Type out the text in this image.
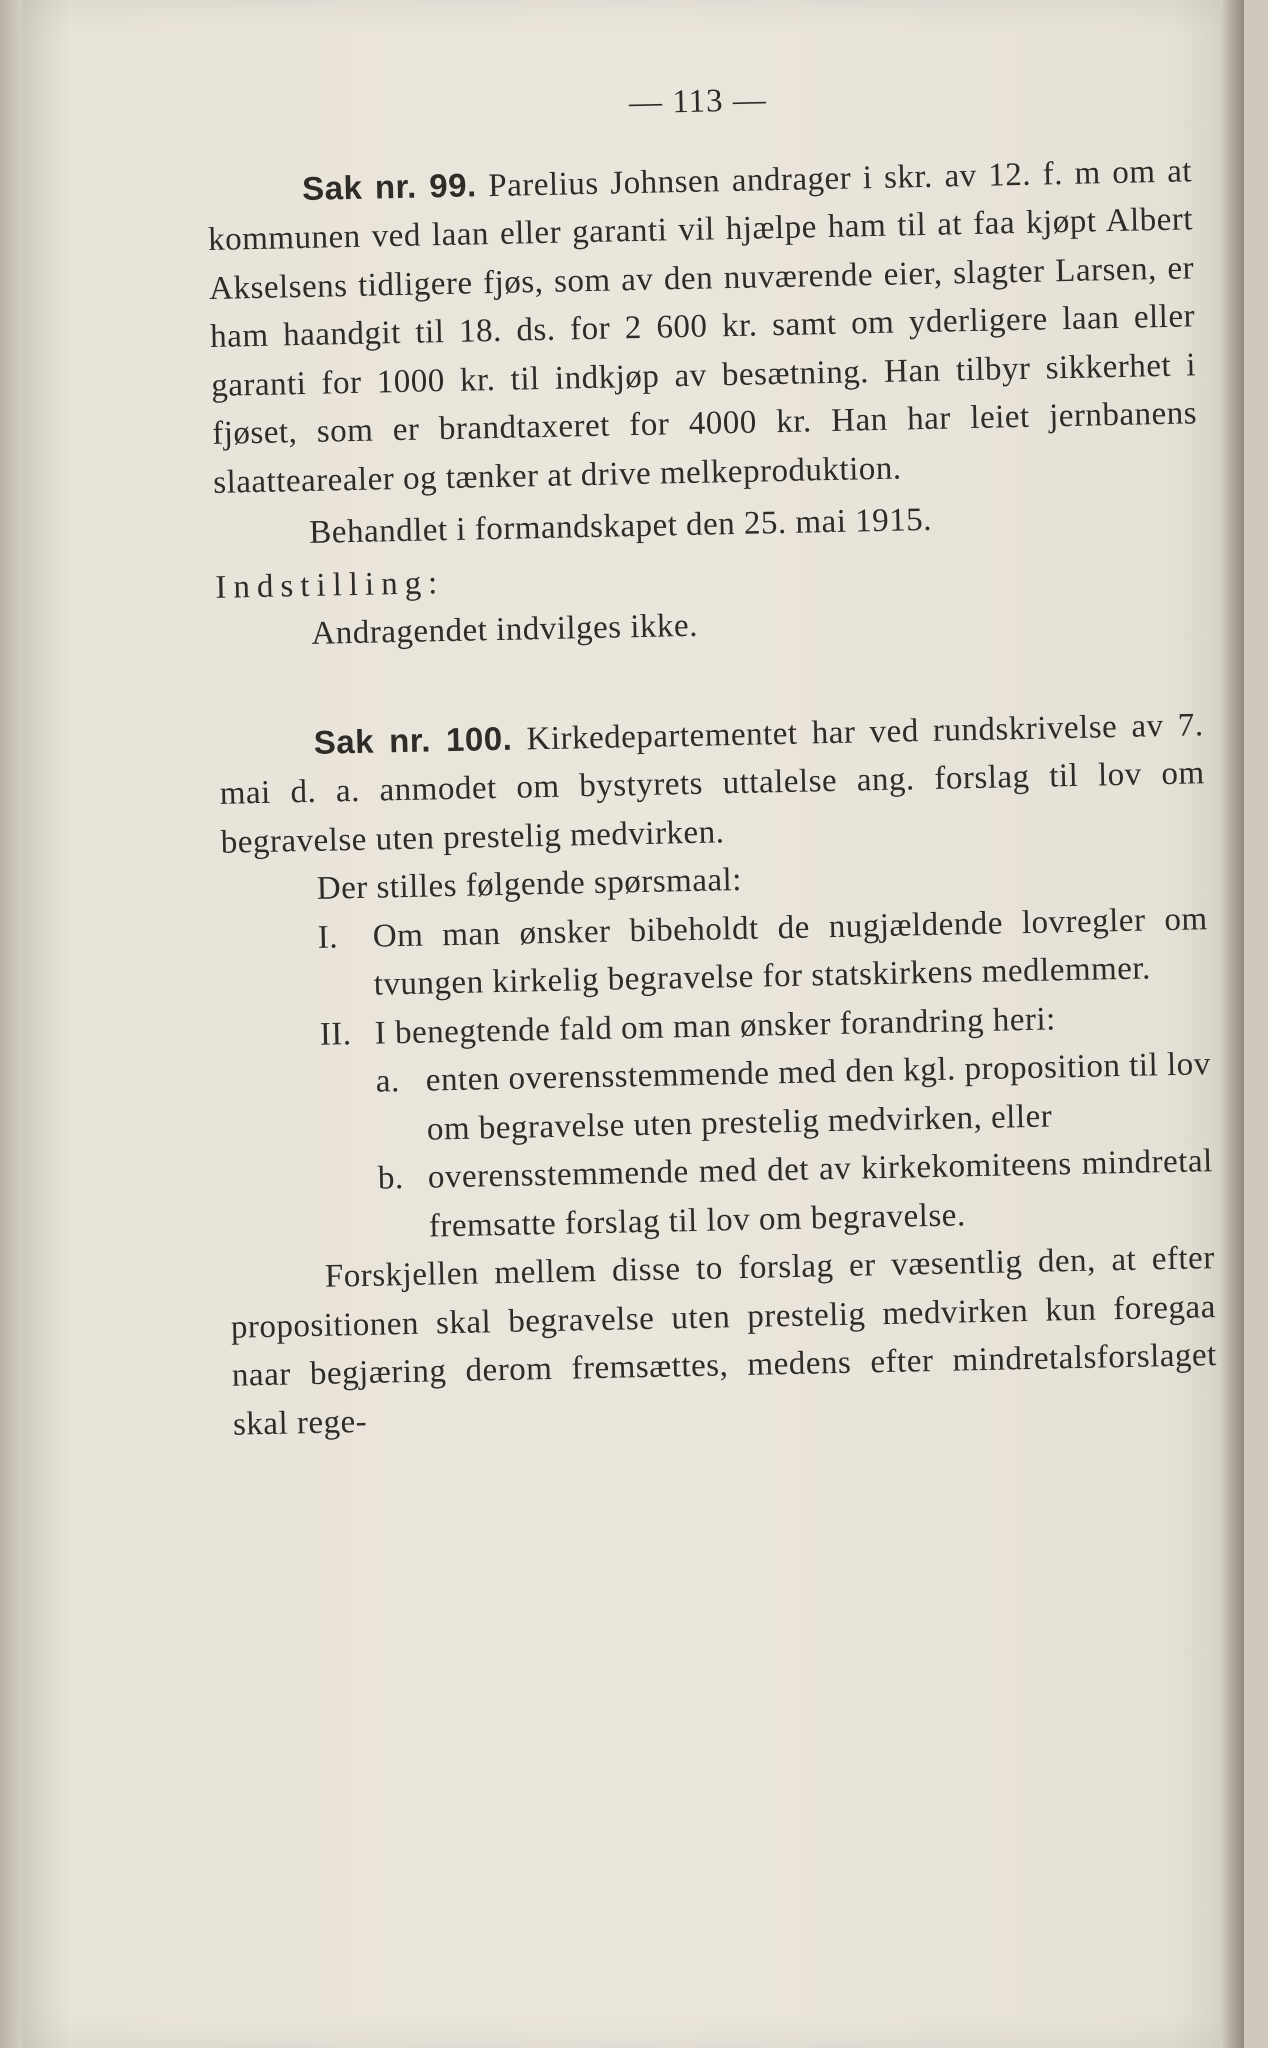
— 113 —

Sak nr. 99. Parelius Johnsen andrager i skr. av 12. f. m om at kommunen ved laan eller garanti vil hjælpe ham til at faa kjøpt Albert Akselsens tidligere fjøs, som av den nuværende eier, slagter Larsen, er ham haandgit til 18. ds. for 2 600 kr. samt om yderligere laan eller garanti for 1000 kr. til indkjøp av besætning. Han tilbyr sikkerhet i fjøset, som er brandtaxeret for 4000 kr. Han har leiet jernbanens slaattearealer og tænker at drive melkeproduktion.

Behandlet i formandskapet den 25. mai 1915.

Indstilling:

Andragendet indvilges ikke.

Sak nr. 100. Kirkedepartementet har ved rundskrivelse av 7. mai d. a. anmodet om bystyrets uttalelse ang. forslag til lov om begravelse uten prestelig medvirken.

Der stilles følgende spørsmaal:

I.	Om man ønsker bibeholdt de nugjældende lovregler om tvungen kirkelig begravelse for statskirkens medlemmer.
II. I benegtende fald om man ønsker forandring heri:
a. enten overensstemmende med den kgl. proposition til lov om begravelse uten prestelig medvirken, eller
b. overensstemmende med det av kirkekomiteens mindretal fremsatte forslag til lov om begravelse.

Forskjellen mellem disse to forslag er væsentlig den, at efter propositionen skal begravelse uten prestelig medvirken kun foregaa naar begjæring derom fremsættes, medens efter mindretalsforslaget skal rege-
